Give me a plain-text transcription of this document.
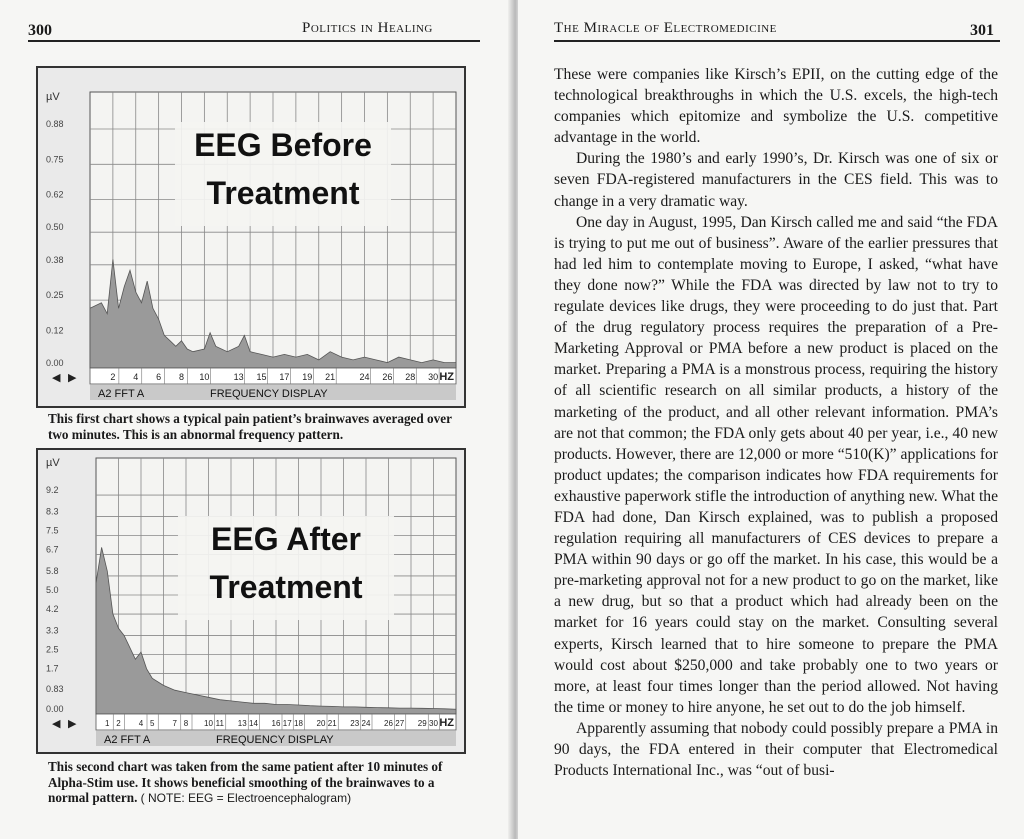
300	Politics in Healing
µV
0.88
0.75
0.62
0.50
0.38
0.25
0.12
0.00
2 4 6 8 10	13 15 17 19 21	24 26 28 30 HZ
◀ ▶
A2 FFT A	FREQUENCY DISPLAY
EEG Before
Treatment
This first chart shows a typical pain patient’s brainwaves averaged over two minutes. This is an abnormal frequency pattern.
µV
9.2
8.3
7.5
6.7
5.8
5.0
4.2
3.3
2.5
1.7
0.83
0.00
1 2 4 5 7 8 10 11 13 14 16 17 18 20 21 23 24 26 27 29 30 HZ
◀ ▶
A2 FFT A	FREQUENCY DISPLAY
EEG After
Treatment
This second chart was taken from the same patient after 10 minutes of Alpha-Stim use. It shows beneficial smoothing of the brainwaves to a normal pattern. ( NOTE: EEG = Electroencephalogram)
The Miracle of Electromedicine	301

These were companies like Kirsch’s EPII, on the cutting edge of the technological breakthroughs in which the U.S. excels, the high-tech companies which epitomize and symbolize the U.S. competitive advantage in the world.

During the 1980’s and early 1990’s, Dr. Kirsch was one of six or seven FDA-registered manufacturers in the CES field. This was to change in a very dramatic way.

One day in August, 1995, Dan Kirsch called me and said “the FDA is trying to put me out of business”. Aware of the earlier pressures that had led him to contemplate moving to Europe, I asked, “what have they done now?” While the FDA was directed by law not to try to regulate devices like drugs, they were proceeding to do just that. Part of the drug regulatory process requires the preparation of a Pre-Marketing Approval or PMA before a new product is placed on the market. Preparing a PMA is a monstrous process, requiring the history of all scientific research on all similar products, a history of the marketing of the product, and all other relevant information. PMA’s are not that common; the FDA only gets about 40 per year, i.e., 40 new products. However, there are 12,000 or more “510(K)” applications for product updates; the comparison indicates how FDA requirements for exhaustive paperwork stifle the introduction of anything new. What the FDA had done, Dan Kirsch explained, was to publish a proposed regulation requiring all manufacturers of CES devices to prepare a PMA within 90 days or go off the market. In his case, this would be a pre-marketing approval not for a new product to go on the market, like a new drug, but so that a product which had already been on the market for 16 years could stay on the market. Consulting several experts, Kirsch learned that to hire someone to prepare the PMA would cost about $250,000 and take probably one to two years or more, at least four times longer than the period allowed. Not having the time or money to hire anyone, he set out to do the job himself.

Apparently assuming that nobody could possibly prepare a PMA in 90 days, the FDA entered in their computer that Electromedical Products International Inc., was “out of busi-
